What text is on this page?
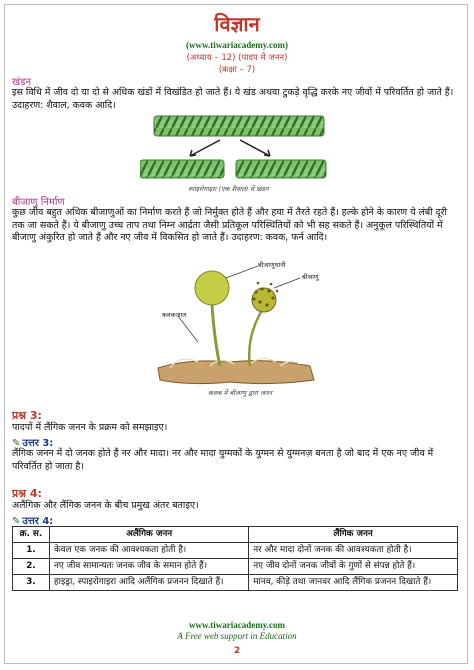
विज्ञान
(www.tiwariacademy.com)
(अध्याय – 12) (पादप में जनन)
(कक्षा – 7)
खंडन
इस विधि में जीव दो या दो से अधिक खंडों में विखंडित हो जाते हैं। ये खंड अथवा टुकड़े वृद्धि करके नए जीवों में परिवर्तित हो जाते हैं। उदाहरण: शैवाल, कवक आदि।
स्पाइरोगाइरा (एक शैवाल) में खंडन
बीजाणु निर्माण
कुछ जीव बहुत अधिक बीजाणुओं का निर्माण करते हैं जो निर्मुक्त होते हैं और हवा में तैरते रहते हैं। हल्के होने के कारण ये लंबी दूरी तक जा सकते हैं। ये बीजाणु उच्च ताप तथा निम्न आर्द्रता जैसी प्रतिकूल परिस्थितियों को भी सह सकते हैं। अनुकूल परिस्थितियों में बीजाणु अंकुरित हो जाते हैं और नए जीव में विकसित हो जाते हैं। उदाहरण: कवक, फर्न आदि।
बीजाणुधानी
बीजाणु
कवकजाल
कवक में बीजाणु द्वारा जनन
प्रश्न 3:
पादपों में लैंगिक जनन के प्रक्रम को समझाइए।
✎ उत्तर 3:
लैंगिक जनन में दो जनक होते हैं नर और मादा। नर और मादा युग्मकों के युग्मन से युग्मनज़ बनता है जो बाद में एक नए जीव में परिवर्तित हो जाता है।
प्रश्न 4:
अलैंगिक और लैंगिक जनन के बीच प्रमुख अंतर बताइए।
✎ उत्तर 4:
क्र. स.	अलैंगिक जनन	लैंगिक जनन
1.	केवल एक जनक की आवश्यकता होती है।	नर और मादा दोनों जनक की आवश्यकता होती है।
2.	नए जीव सामान्यतः जनक जीव के समान होते हैं।	नए जीव दोनों जनक जीवों के गुणों से संपन्न होते हैं।
3.	हाइड्रा, स्पाइरोगाइरा आदि अलैंगिक प्रजनन दिखाते हैं।	मानव, कीड़े तथा जानवर आदि लैंगिक प्रजनन दिखाते हैं।
www.tiwariacademy.com
A Free web support in Education
2
